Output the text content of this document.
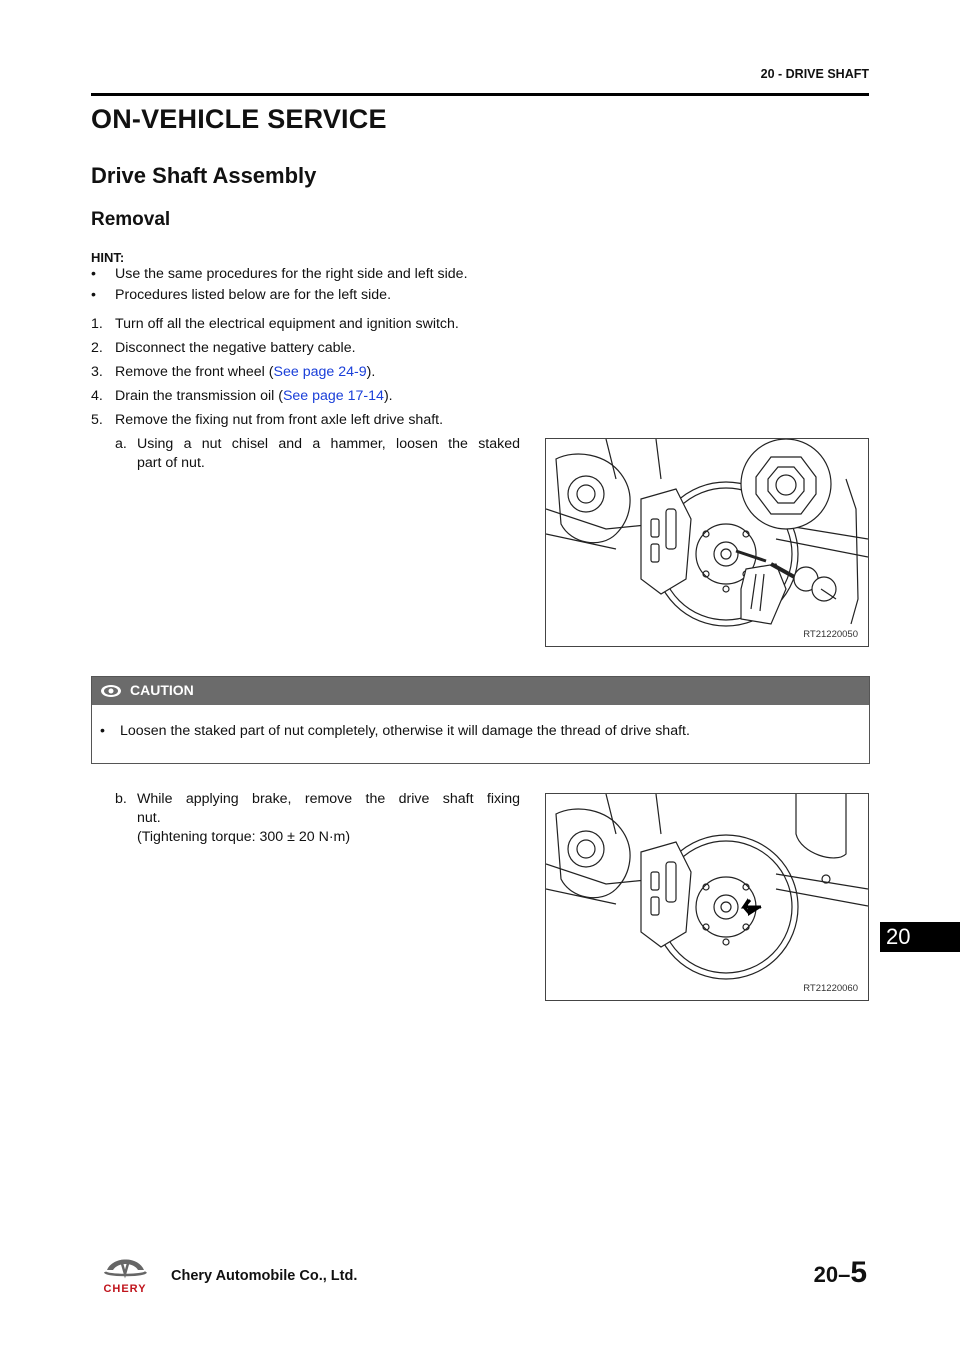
20 - DRIVE SHAFT
ON-VEHICLE SERVICE
Drive Shaft Assembly
Removal
HINT:
• Use the same procedures for the right side and left side.
• Procedures listed below are for the left side.
1. Turn off all the electrical equipment and ignition switch.
2. Disconnect the negative battery cable.
3. Remove the front wheel (See page 24-9).
4. Drain the transmission oil (See page 17-14).
5. Remove the fixing nut from front axle left drive shaft.
a. Using a nut chisel and a hammer, loosen the staked
part of nut.
RT21220050
CAUTION
• Loosen the staked part of nut completely, otherwise it will damage the thread of drive shaft.
b. While applying brake, remove the drive shaft fixing
nut.
(Tightening torque: 300 ± 20 N·m)
RT21220060
20
CHERY
Chery Automobile Co., Ltd.	20–5
